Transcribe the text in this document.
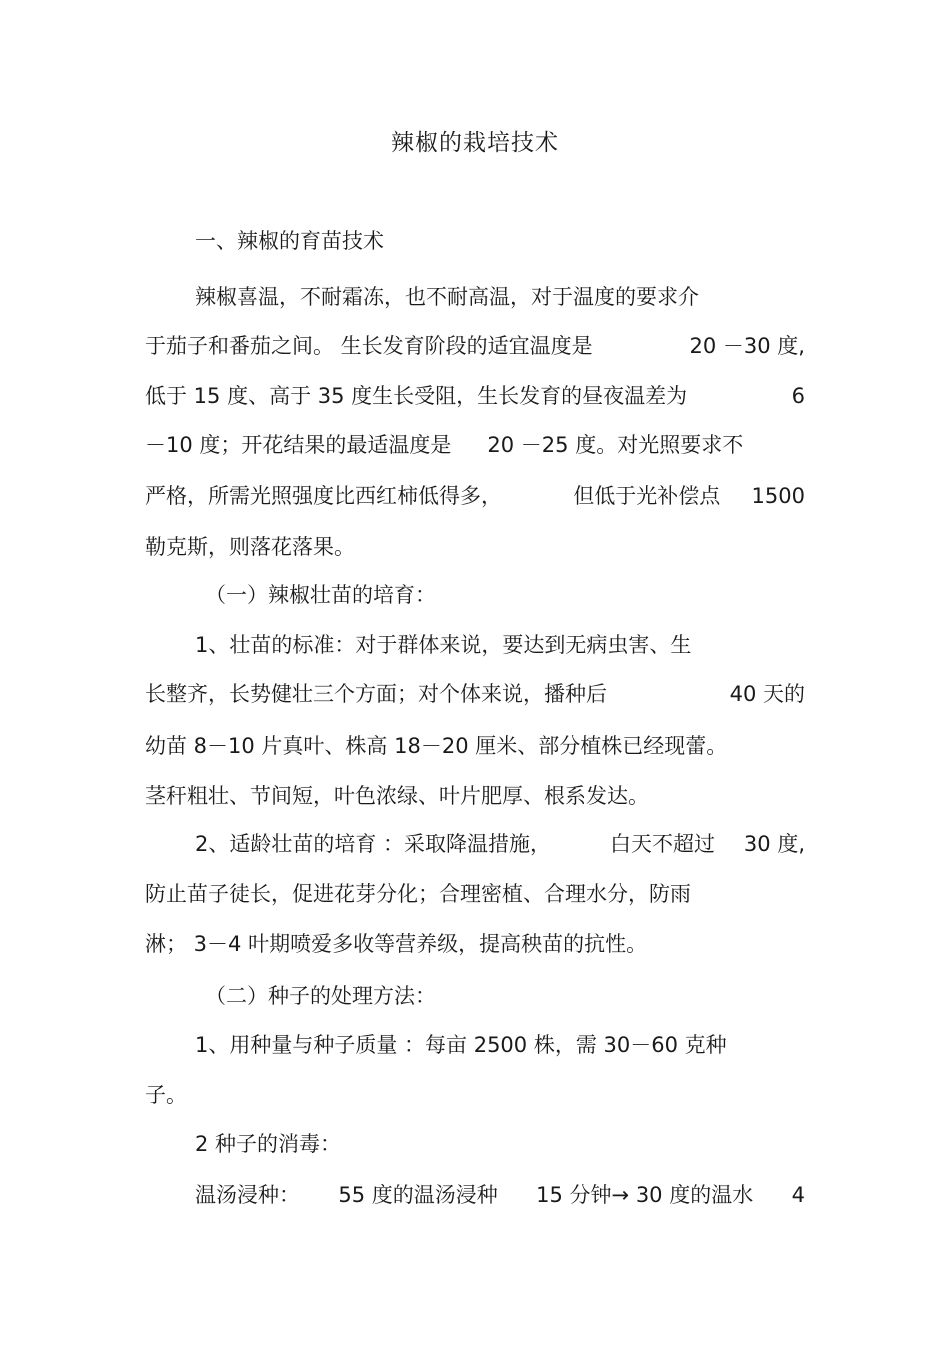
辣椒的栽培技术
一、辣椒的育苗技术
辣椒喜温，不耐霜冻，也不耐高温，对于温度的要求介
于茄子和番茄之间。 生长发育阶段的适宜温度是	20 －30 度,
低于 15 度、高于 35 度生长受阻，生长发育的昼夜温差为	6
－10 度；开花结果的最适温度是 20 －25 度。对光照要求不
严格，所需光照强度比西红柿低得多，	但低于光补偿点 1500
勒克斯，则落花落果。
（一）辣椒壮苗的培育：
1、壮苗的标准：对于群体来说，要达到无病虫害、生
长整齐，长势健壮三个方面；对个体来说，播种后	40 天的
幼苗 8－10 片真叶、株高 18－20 厘米、部分植株已经现蕾。
茎秆粗壮、节间短，叶色浓绿、叶片肥厚、根系发达。
2、适龄壮苗的培育 ：采取降温措施，	白天不超过 30 度,
防止苗子徒长，促进花芽分化；合理密植、合理水分，防雨
淋； 3－4 叶期喷爱多收等营养级，提高秧苗的抗性。
（二）种子的处理方法：
1、用种量与种子质量 ：每亩 2500 株，需 30－60 克种
子。
2 种子的消毒：
温汤浸种： 55 度的温汤浸种 15 分钟→ 30 度的温水 4
